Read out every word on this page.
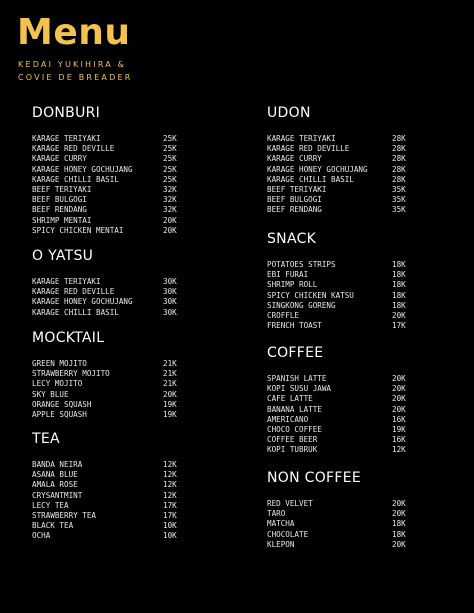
Menu
KEDAI YUKIHIRA &
COVIE DE BREADER
DONBURI
KARAGE TERIYAKI	25K
KARAGE RED DEVILLE	25K
KARAGE CURRY	25K
KARAGE HONEY GOCHUJANG	25K
KARAGE CHILLI BASIL	25K
BEEF TERIYAKI	32K
BEEF BULGOGI	32K
BEEF RENDANG	32K
SHRIMP MENTAI	20K
SPICY CHICKEN MENTAI	20K
O YATSU
KARAGE TERIYAKI	30K
KARAGE RED DEVILLE	30K
KARAGE HONEY GOCHUJANG	30K
KARAGE CHILLI BASIL	30K
MOCKTAIL
GREEN MOJITO	21K
STRAWBERRY MOJITO	21K
LECY MOJITO	21K
SKY BLUE	20K
ORANGE SQUASH	19K
APPLE SQUASH	19K
TEA
BANDA NEIRA	12K
ASANA BLUE	12K
AMALA ROSE	12K
CRYSANTMINT	12K
LECY TEA	17K
STRAWBERRY TEA	17K
BLACK TEA	10K
OCHA	10K
UDON
KARAGE TERIYAKI	28K
KARAGE RED DEVILLE	28K
KARAGE CURRY	28K
KARAGE HONEY GOCHUJANG	28K
KARAGE CHILLI BASIL	28K
BEEF TERIYAKI	35K
BEEF BULGOGI	35K
BEEF RENDANG	35K
SNACK
POTATOES STRIPS	18K
EBI FURAI	18K
SHRIMP ROLL	18K
SPICY CHICKEN KATSU	18K
SINGKONG GORENG	18K
CROFFLE	20K
FRENCH TOAST	17K
COFFEE
SPANISH LATTE	20K
KOPI SUSU JAWA	20K
CAFE LATTE	20K
BANANA LATTE	20K
AMERICANO	16K
CHOCO COFFEE	19K
COFFEE BEER	16K
KOPI TUBRUK	12K
NON COFFEE
RED VELVET	20K
TARO	20K
MATCHA	18K
CHOCOLATE	18K
KLEPON	20K
